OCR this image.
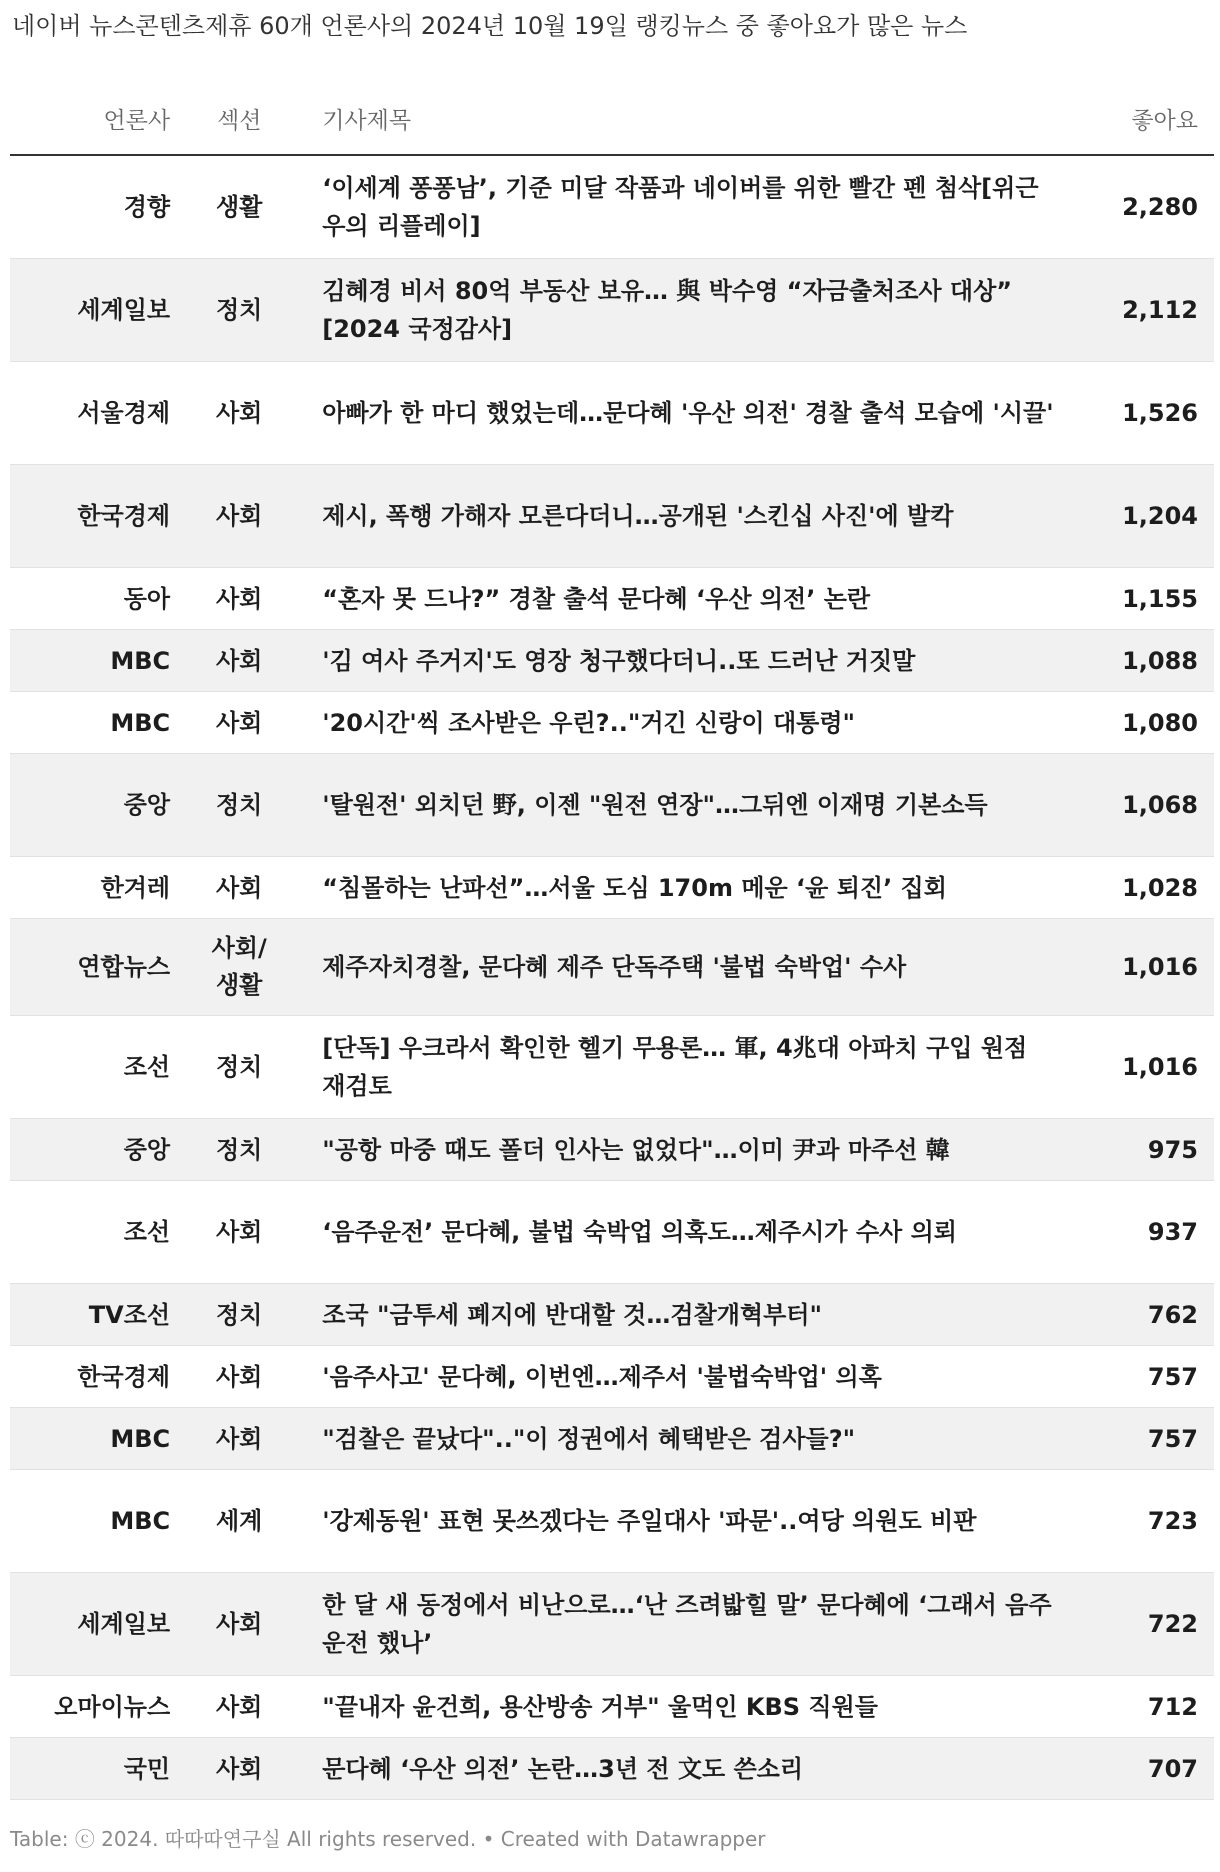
네이버 뉴스콘텐츠제휴 60개 언론사의 2024년 10월 19일 랭킹뉴스 중 좋아요가 많은 뉴스
언론사	섹션	기사제목	좋아요
경향	생활	‘이세계 퐁퐁남’, 기준 미달 작품과 네이버를 위한 빨간 펜 첨삭[위근우의 리플레이]	2,280
세계일보	정치	김혜경 비서 80억 부동산 보유… 與 박수영 “자금출처조사 대상” [2024 국정감사]	2,112
서울경제	사회	아빠가 한 마디 했었는데…문다혜 '우산 의전' 경찰 출석 모습에 '시끌'	1,526
한국경제	사회	제시, 폭행 가해자 모른다더니…공개된 '스킨십 사진'에 발칵	1,204
동아	사회	“혼자 못 드나?” 경찰 출석 문다혜 ‘우산 의전’ 논란	1,155
MBC	사회	'김 여사 주거지'도 영장 청구했다더니..또 드러난 거짓말	1,088
MBC	사회	'20시간'씩 조사받은 우린?.."거긴 신랑이 대통령"	1,080
중앙	정치	'탈원전' 외치던 野, 이젠 "원전 연장"…그뒤엔 이재명 기본소득	1,068
한겨레	사회	“침몰하는 난파선”…서울 도심 170m 메운 ‘윤 퇴진’ 집회	1,028
연합뉴스	사회/생활	제주자치경찰, 문다혜 제주 단독주택 '불법 숙박업' 수사	1,016
조선	정치	[단독] 우크라서 확인한 헬기 무용론… 軍, 4兆대 아파치 구입 원점 재검토	1,016
중앙	정치	"공항 마중 때도 폴더 인사는 없었다"…이미 尹과 마주선 韓	975
조선	사회	‘음주운전’ 문다혜, 불법 숙박업 의혹도…제주시가 수사 의뢰	937
TV조선	정치	조국 "금투세 폐지에 반대할 것…검찰개혁부터"	762
한국경제	사회	'음주사고' 문다혜, 이번엔…제주서 '불법숙박업' 의혹	757
MBC	사회	"검찰은 끝났다".."이 정권에서 혜택받은 검사들?"	757
MBC	세계	'강제동원' 표현 못쓰겠다는 주일대사 '파문'..여당 의원도 비판	723
세계일보	사회	한 달 새 동정에서 비난으로…‘난 즈려밟힐 말’ 문다혜에 ‘그래서 음주운전 했나’	722
오마이뉴스	사회	"끝내자 윤건희, 용산방송 거부" 울먹인 KBS 직원들	712
국민	사회	문다혜 ‘우산 의전’ 논란…3년 전 文도 쓴소리	707
Table: ⓒ 2024. 따따따연구실 All rights reserved. • Created with Datawrapper
